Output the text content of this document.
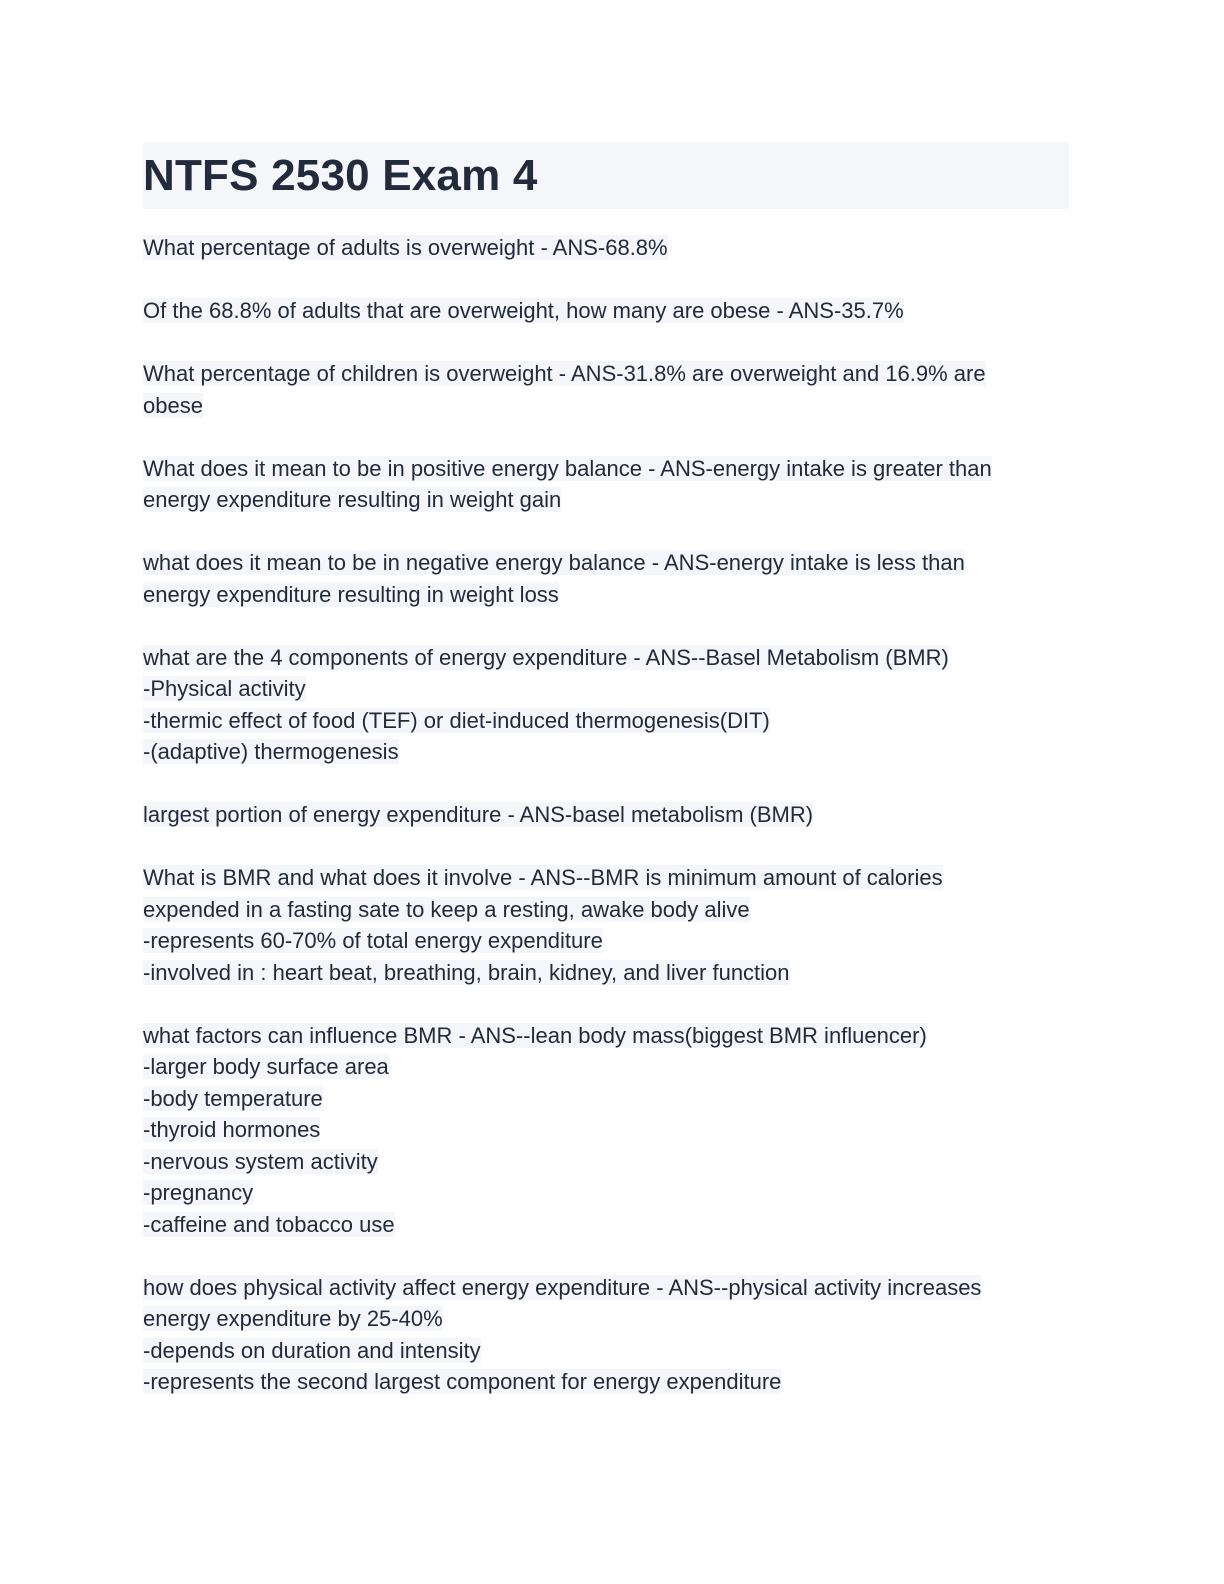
NTFS 2530 Exam 4
What percentage of adults is overweight - ANS-68.8%
Of the 68.8% of adults that are overweight, how many are obese - ANS-35.7%
What percentage of children is overweight - ANS-31.8% are overweight and 16.9% are
obese
What does it mean to be in positive energy balance - ANS-energy intake is greater than
energy expenditure resulting in weight gain
what does it mean to be in negative energy balance - ANS-energy intake is less than
energy expenditure resulting in weight loss
what are the 4 components of energy expenditure - ANS--Basel Metabolism (BMR)
-Physical activity
-thermic effect of food (TEF) or diet-induced thermogenesis(DIT)
-(adaptive) thermogenesis
largest portion of energy expenditure - ANS-basel metabolism (BMR)
What is BMR and what does it involve - ANS--BMR is minimum amount of calories
expended in a fasting sate to keep a resting, awake body alive
-represents 60-70% of total energy expenditure
-involved in : heart beat, breathing, brain, kidney, and liver function
what factors can influence BMR - ANS--lean body mass(biggest BMR influencer)
-larger body surface area
-body temperature
-thyroid hormones
-nervous system activity
-pregnancy
-caffeine and tobacco use
how does physical activity affect energy expenditure - ANS--physical activity increases
energy expenditure by 25-40%
-depends on duration and intensity
-represents the second largest component for energy expenditure
